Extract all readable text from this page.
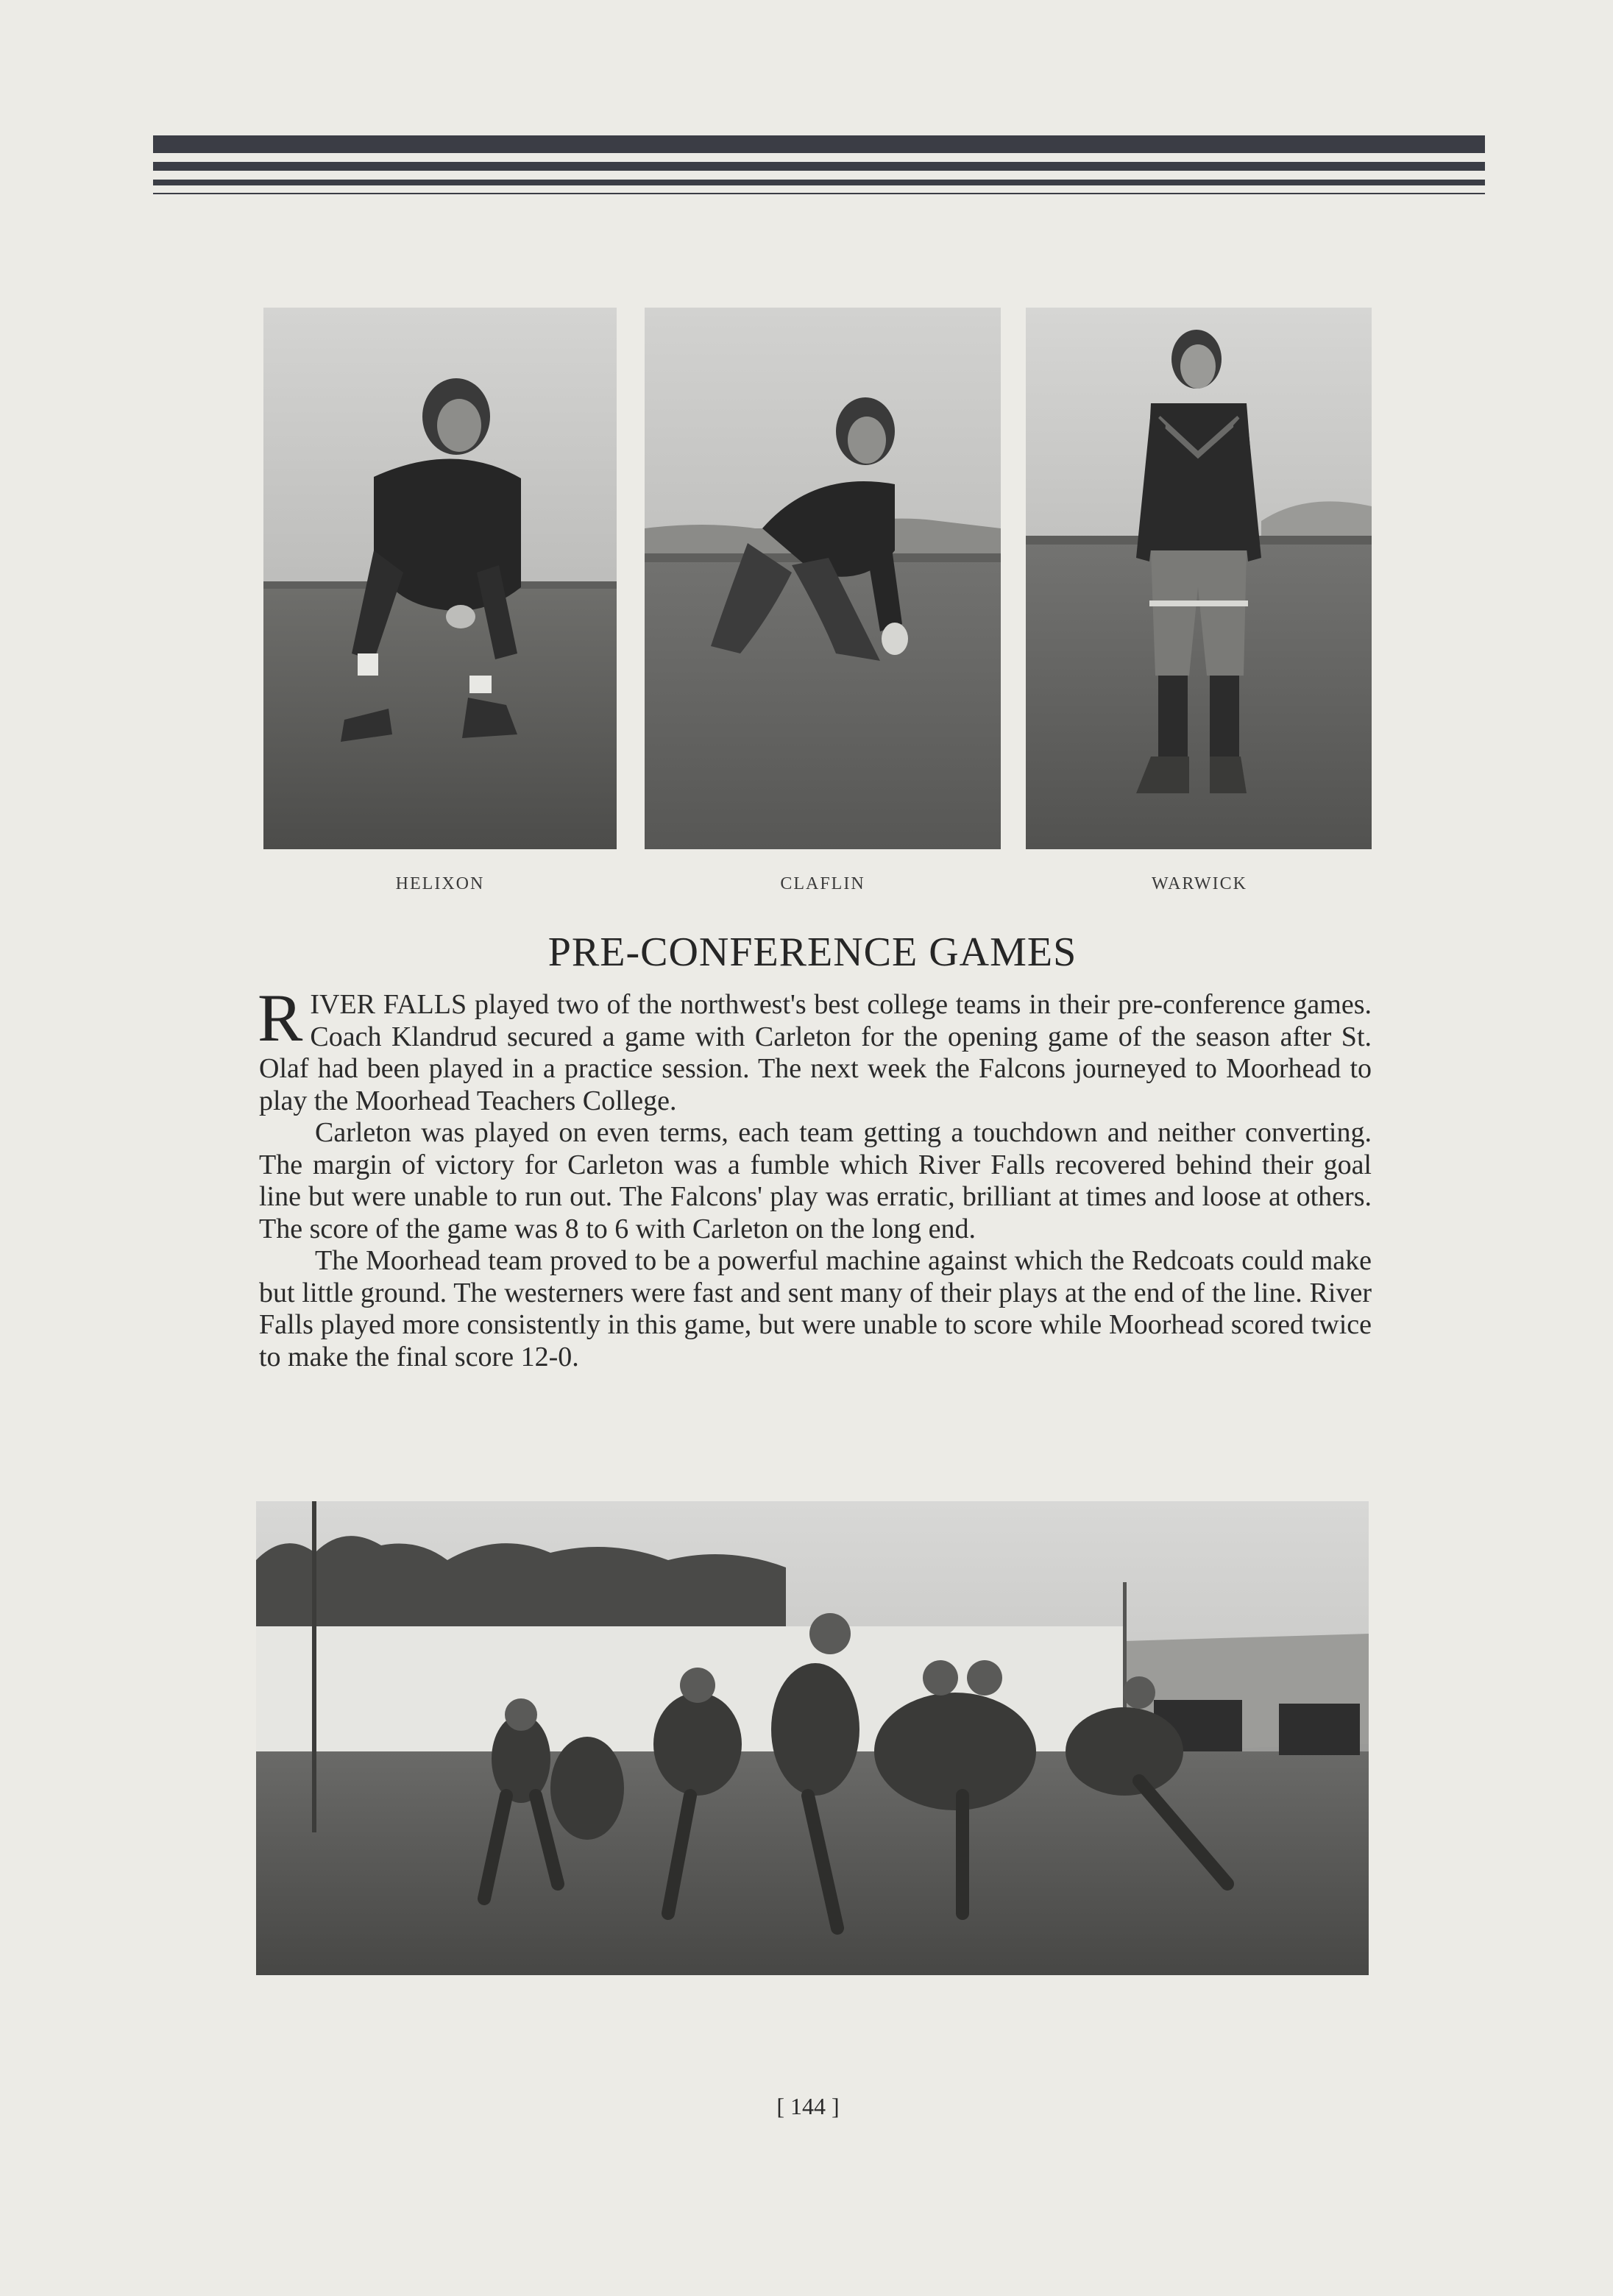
HELIXON	CLAFLIN	WARWICK
PRE-CONFERENCE GAMES

RIVER FALLS played two of the northwest's best college teams in their pre-conference games. Coach Klandrud secured a game with Carleton for the opening game of the season after St. Olaf had been played in a practice session. The next week the Falcons journeyed to Moorhead to play the Moorhead Teachers College.

Carleton was played on even terms, each team getting a touchdown and neither converting. The margin of victory for Carleton was a fumble which River Falls recovered behind their goal line but were unable to run out. The Falcons' play was erratic, brilliant at times and loose at others. The score of the game was 8 to 6 with Carleton on the long end.

The Moorhead team proved to be a powerful machine against which the Redcoats could make but little ground. The westerners were fast and sent many of their plays at the end of the line. River Falls played more consistently in this game, but were unable to score while Moorhead scored twice to make the final score 12-0.

[ 144 ]
